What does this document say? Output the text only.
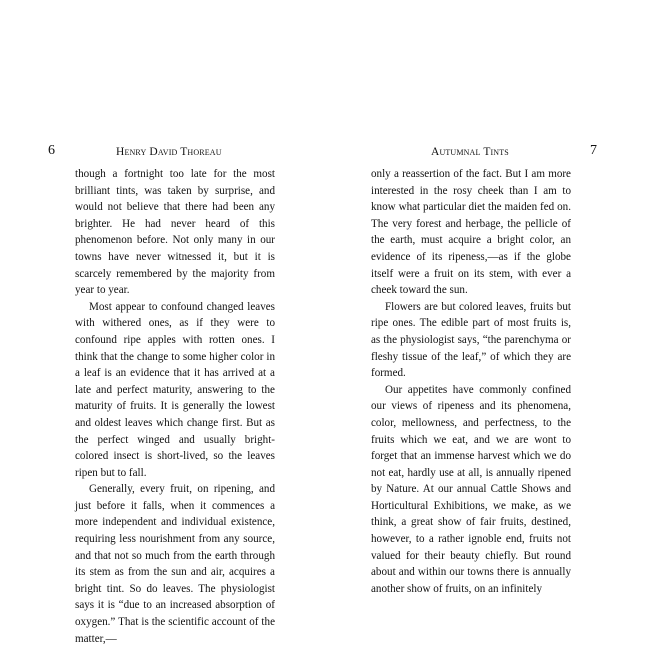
6	Henry David Thoreau

though a fortnight too late for the most brilliant tints, was taken by surprise, and would not believe that there had been any brighter. He had never heard of this phenomenon before. Not only many in our towns have never witnessed it, but it is scarcely remembered by the majority from year to year.

Most appear to confound changed leaves with withered ones, as if they were to confound ripe apples with rotten ones. I think that the change to some higher color in a leaf is an evidence that it has arrived at a late and perfect maturity, answering to the maturity of fruits. It is generally the lowest and oldest leaves which change first. But as the perfect winged and usually bright-colored insect is short-lived, so the leaves ripen but to fall.

Generally, every fruit, on ripening, and just before it falls, when it commences a more independent and individual existence, requiring less nourishment from any source, and that not so much from the earth through its stem as from the sun and air, acquires a bright tint. So do leaves. The physiologist says it is “due to an increased absorption of oxygen.” That is the scientific account of the matter,—

Autumnal Tints	7

only a reassertion of the fact. But I am more interested in the rosy cheek than I am to know what particular diet the maiden fed on. The very forest and herbage, the pellicle of the earth, must acquire a bright color, an evidence of its ripeness,—as if the globe itself were a fruit on its stem, with ever a cheek toward the sun.

Flowers are but colored leaves, fruits but ripe ones. The edible part of most fruits is, as the physiologist says, “the parenchyma or fleshy tissue of the leaf,” of which they are formed.

Our appetites have commonly confined our views of ripeness and its phenomena, color, mellowness, and perfectness, to the fruits which we eat, and we are wont to forget that an immense harvest which we do not eat, hardly use at all, is annually ripened by Nature. At our annual Cattle Shows and Horticultural Exhibitions, we make, as we think, a great show of fair fruits, destined, however, to a rather ignoble end, fruits not valued for their beauty chiefly. But round about and within our towns there is annually another show of fruits, on an infinitely
